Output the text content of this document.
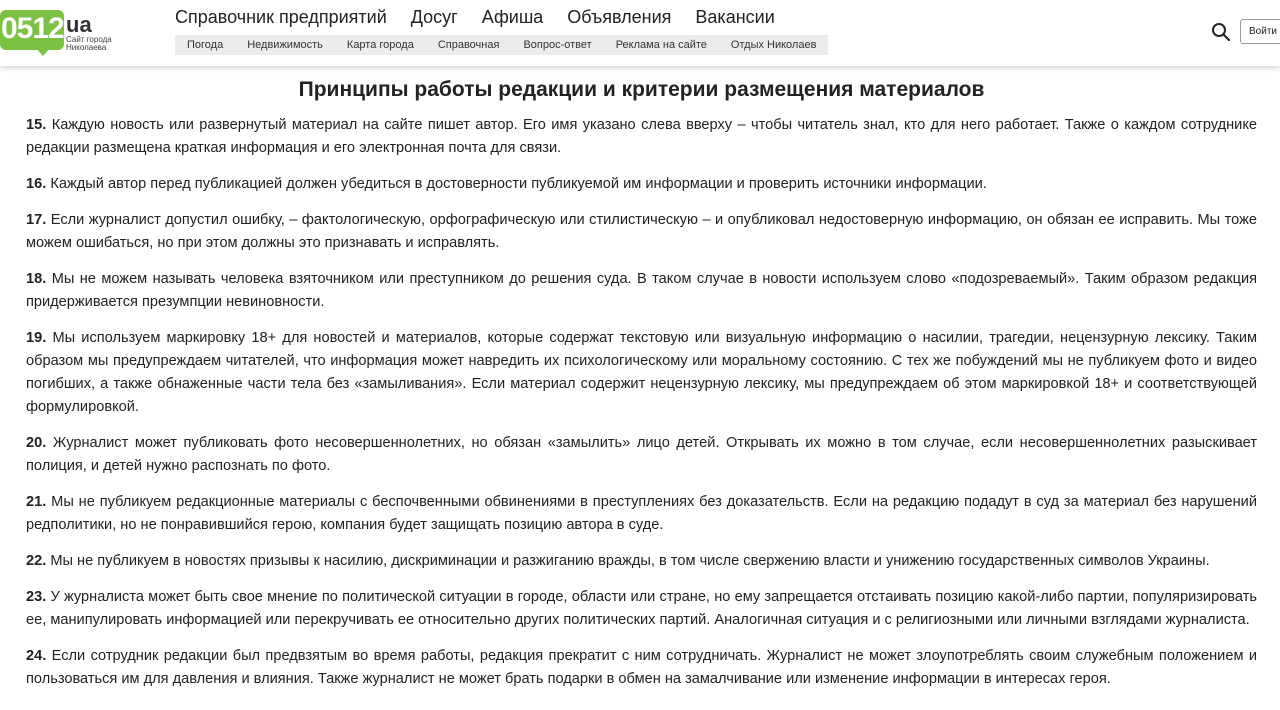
0512 ua
Сайт города Николаева
Справочник предприятий Досуг Афиша Объявления Вакансии
Погода Недвижимость Карта города Справочная Вопрос-ответ Реклама на сайте Отдых Николаев
Войти
Принципы работы редакции и критерии размещения материалов

15. Каждую новость или развернутый материал на сайте пишет автор. Его имя указано слева вверху – чтобы читатель знал, кто для него работает. Также о каждом сотруднике редакции размещена краткая информация и его электронная почта для связи.

16. Каждый автор перед публикацией должен убедиться в достоверности публикуемой им информации и проверить источники информации.

17. Если журналист допустил ошибку, – фактологическую, орфографическую или стилистическую – и опубликовал недостоверную информацию, он обязан ее исправить. Мы тоже можем ошибаться, но при этом должны это признавать и исправлять.

18. Мы не можем называть человека взяточником или преступником до решения суда. В таком случае в новости используем слово «подозреваемый». Таким образом редакция придерживается презумпции невиновности.

19. Мы используем маркировку 18+ для новостей и материалов, которые содержат текстовую или визуальную информацию о насилии, трагедии, нецензурную лексику. Таким образом мы предупреждаем читателей, что информация может навредить их психологическому или моральному состоянию. С тех же побуждений мы не публикуем фото и видео погибших, а также обнаженные части тела без «замыливания». Если материал содержит нецензурную лексику, мы предупреждаем об этом маркировкой 18+ и соответствующей формулировкой.

20. Журналист может публиковать фото несовершеннолетних, но обязан «замылить» лицо детей. Открывать их можно в том случае, если несовершеннолетних разыскивает полиция, и детей нужно распознать по фото.

21. Мы не публикуем редакционные материалы с беспочвенными обвинениями в преступлениях без доказательств. Если на редакцию подадут в суд за материал без нарушений редполитики, но не понравившийся герою, компания будет защищать позицию автора в суде.

22. Мы не публикуем в новостях призывы к насилию, дискриминации и разжиганию вражды, в том числе свержению власти и унижению государственных символов Украины.

23. У журналиста может быть свое мнение по политической ситуации в городе, области или стране, но ему запрещается отстаивать позицию какой-либо партии, популяризировать ее, манипулировать информацией или перекручивать ее относительно других политических партий. Аналогичная ситуация и с религиозными или личными взглядами журналиста.

24. Если сотрудник редакции был предвзятым во время работы, редакция прекратит с ним сотрудничать. Журналист не может злоупотреблять своим служебным положением и пользоваться им для давления и влияния. Также журналист не может брать подарки в обмен на замалчивание или изменение информации в интересах героя.
